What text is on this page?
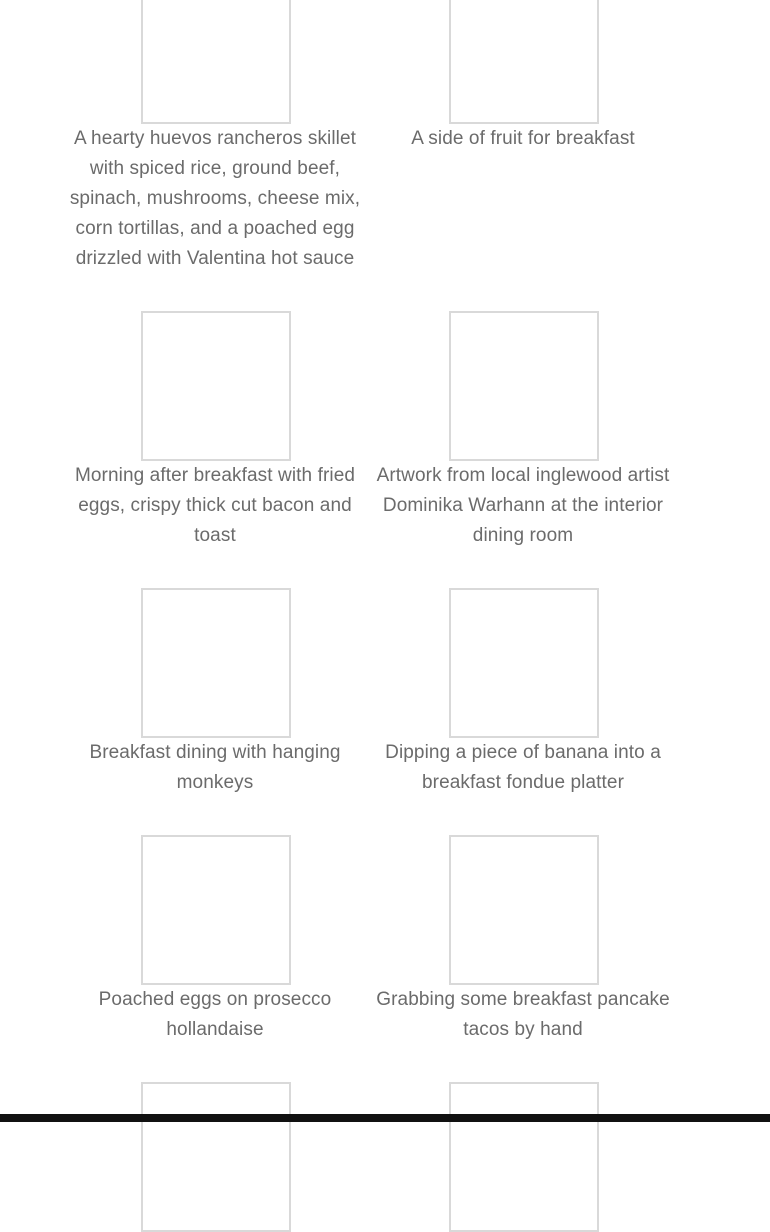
A hearty huevos rancheros skillet with spiced rice, ground beef, spinach, mushrooms, cheese mix, corn tortillas, and a poached egg drizzled with Valentina hot sauce
A side of fruit for breakfast
Morning after breakfast with fried eggs, crispy thick cut bacon and toast
Artwork from local inglewood artist Dominika Warhann at the interior dining room
Breakfast dining with hanging monkeys
Dipping a piece of banana into a breakfast fondue platter
Poached eggs on prosecco hollandaise
Grabbing some breakfast pancake tacos by hand
